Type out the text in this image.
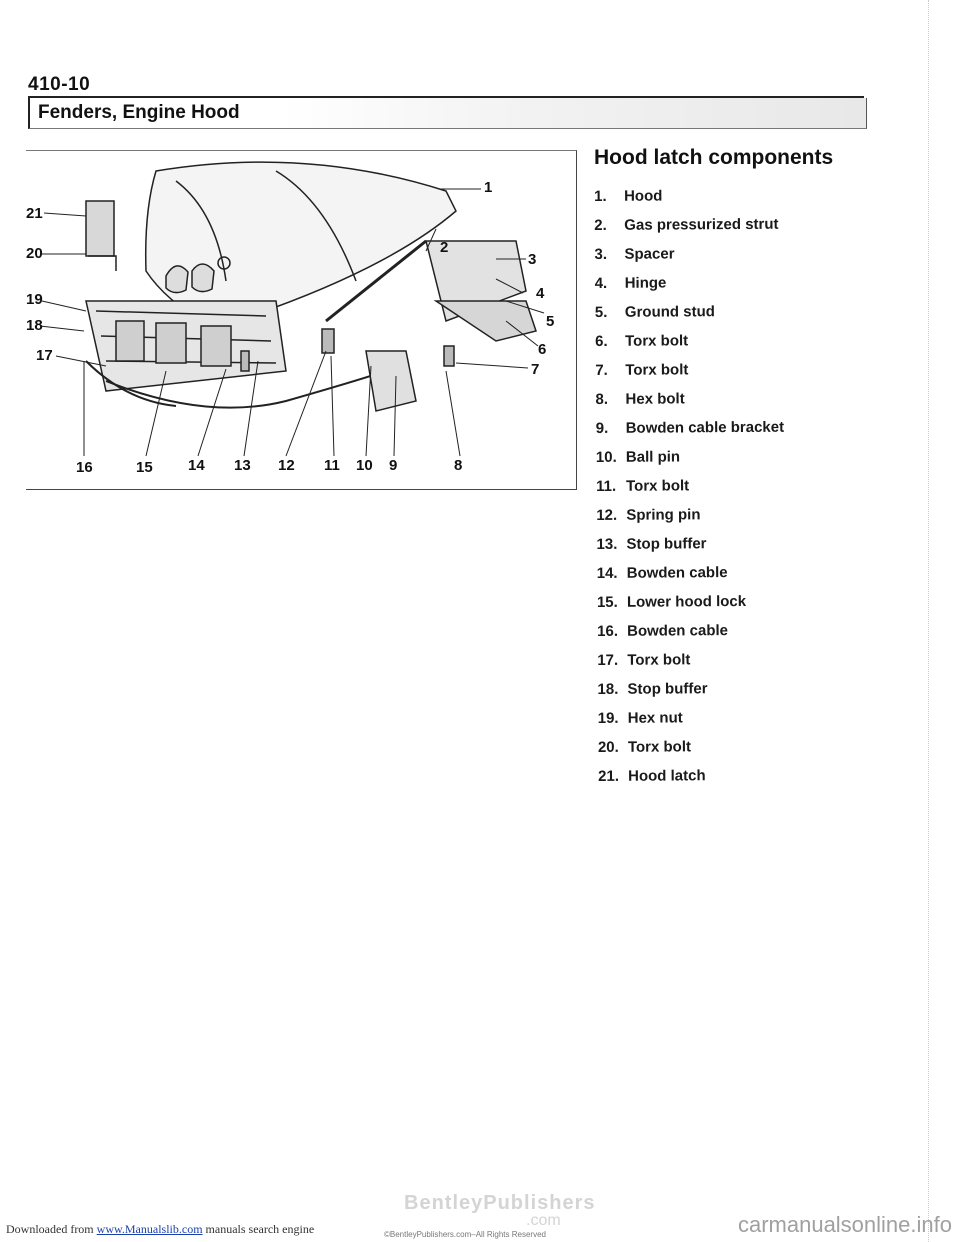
410-10
Fenders, Engine Hood
1
2
3
4
5
6
7
8
9
10
11
12
13
14
15
16
17
18
19
20
21
Hood latch components
1. Hood
2. Gas pressurized strut
3. Spacer
4. Hinge
5. Ground stud
6. Torx bolt
7. Torx bolt
8. Hex bolt
9. Bowden cable bracket
10. Ball pin
11. Torx bolt
12. Spring pin
13. Stop buffer
14. Bowden cable
15. Lower hood lock
16. Bowden cable
17. Torx bolt
18. Stop buffer
19. Hex nut
20. Torx bolt
21. Hood latch
BentleyPublishers
.com
©BentleyPublishers.com–All Rights Reserved
Downloaded from www.Manualslib.com manuals search engine	carmanualsonline.info
